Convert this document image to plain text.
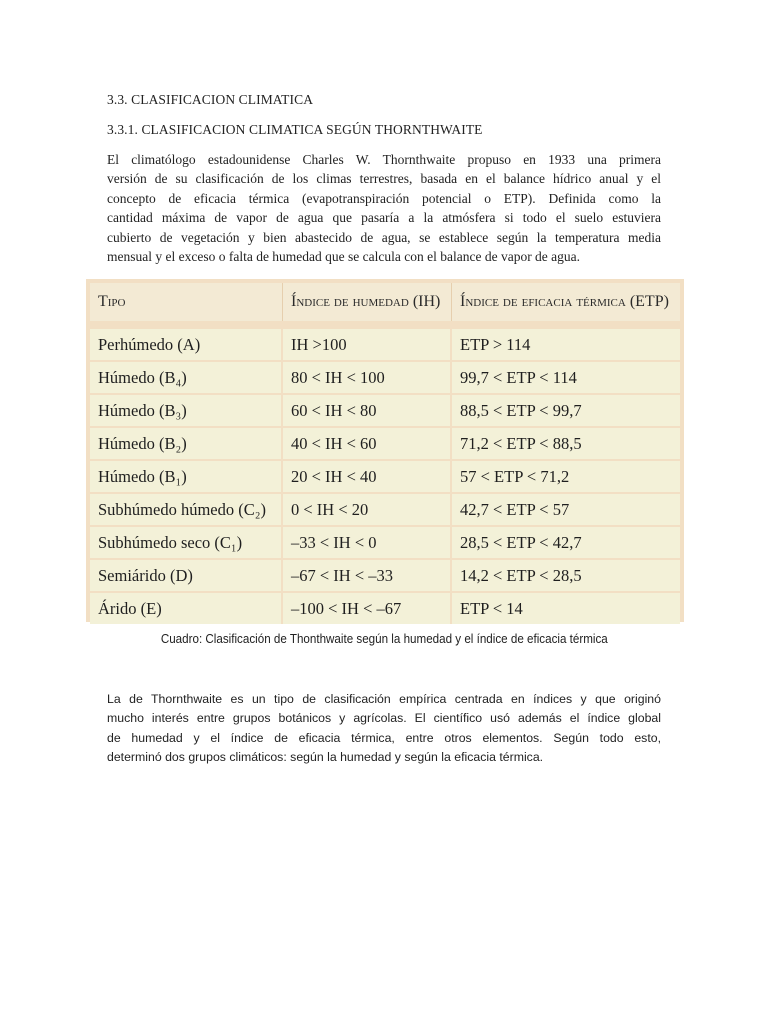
3.3. CLASIFICACION CLIMATICA
3.3.1. CLASIFICACION CLIMATICA SEGÚN THORNTHWAITE
El climatólogo estadounidense Charles W. Thornthwaite propuso en 1933 una primera
versión de su clasificación de los climas terrestres, basada en el balance hídrico anual y el
concepto de eficacia térmica (evapotranspiración potencial o ETP). Definida como la
cantidad máxima de vapor de agua que pasaría a la atmósfera si todo el suelo estuviera
cubierto de vegetación y bien abastecido de agua, se establece según la temperatura media
mensual y el exceso o falta de humedad que se calcula con el balance de vapor de agua.
Tipo	Índice de humedad (IH)	Índice de eficacia térmica (ETP)
Perhúmedo (A)	IH >100	ETP > 114
Húmedo (B₄)	80 < IH < 100	99,7 < ETP < 114
Húmedo (B₃)	60 < IH < 80	88,5 < ETP < 99,7
Húmedo (B₂)	40 < IH < 60	71,2 < ETP < 88,5
Húmedo (B₁)	20 < IH < 40	57 < ETP < 71,2
Subhúmedo húmedo (C₂)	0 < IH < 20	42,7 < ETP < 57
Subhúmedo seco (C₁)	–33 < IH < 0	28,5 < ETP < 42,7
Semiárido (D)	–67 < IH < –33	14,2 < ETP < 28,5
Árido (E)	–100 < IH < –67	ETP < 14
Cuadro: Clasificación de Thonthwaite según la humedad y el índice de eficacia térmica
La de Thornthwaite es un tipo de clasificación empírica centrada en índices y que originó
mucho interés entre grupos botánicos y agrícolas. El científico usó además el índice global
de humedad y el índice de eficacia térmica, entre otros elementos. Según todo esto,
determinó dos grupos climáticos: según la humedad y según la eficacia térmica.
